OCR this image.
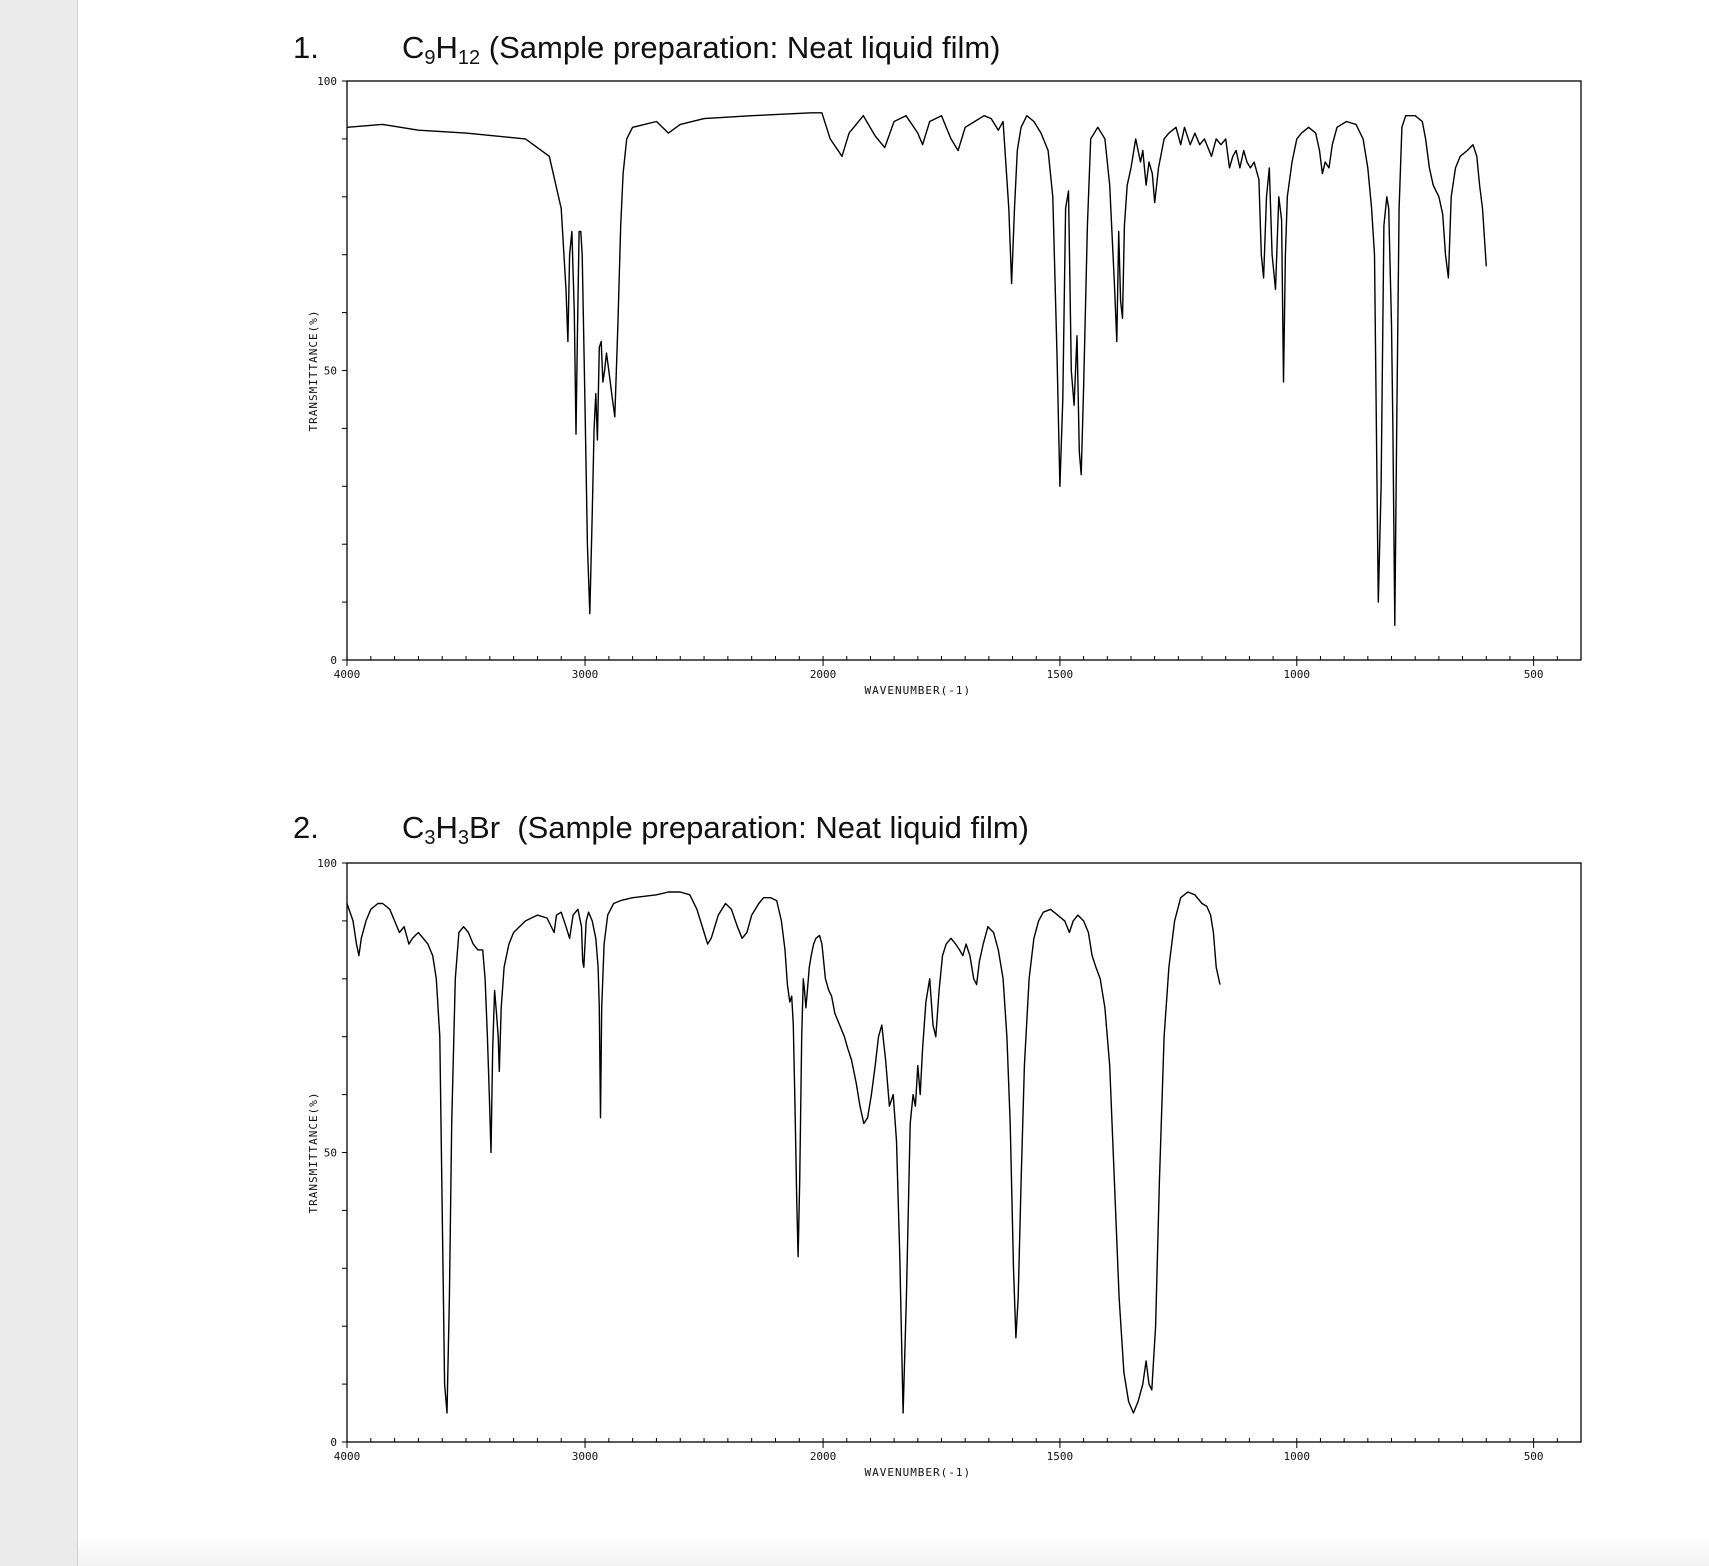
1.	$C_9H_{12}$ (Sample preparation: Neat liquid film)
4000	3000	2000	1500	1000	500
0
50
100
WAVENUMBER(-1)
TRANSMITTANCE(%)
2.	$C_3H_3Br$  (Sample preparation: Neat liquid film)
4000	3000	2000	1500	1000	500
0
50
100
WAVENUMBER(-1)
TRANSMITTANCE(%)
